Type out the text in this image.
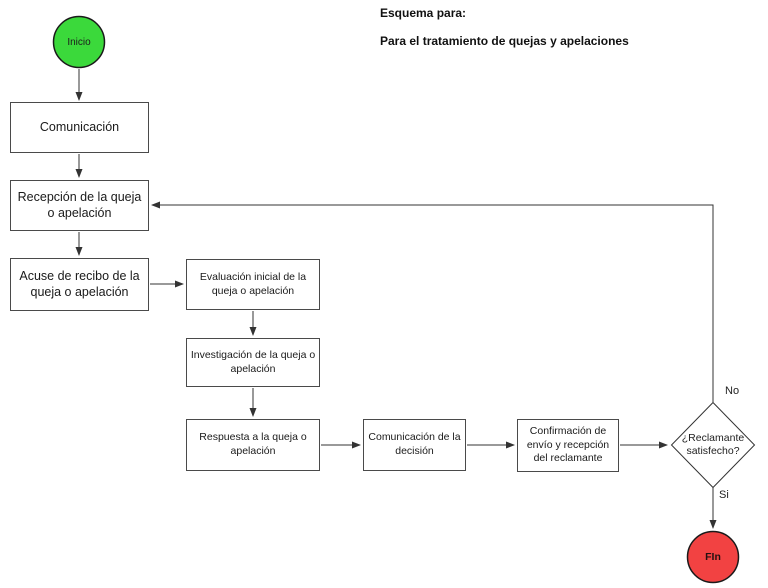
Esquema para:
Para el tratamiento de quejas y apelaciones
Inicio
Comunicación
Recepción de la queja o apelación
Acuse de recibo de la queja o apelación
Evaluación inicial de la queja o apelación
Investigación de la queja o apelación
Respuesta a la queja o apelación
Comunicación de la decisión
Confirmación de envío y recepción del reclamante
¿Reclamante satisfecho?
No
Si
FIn
